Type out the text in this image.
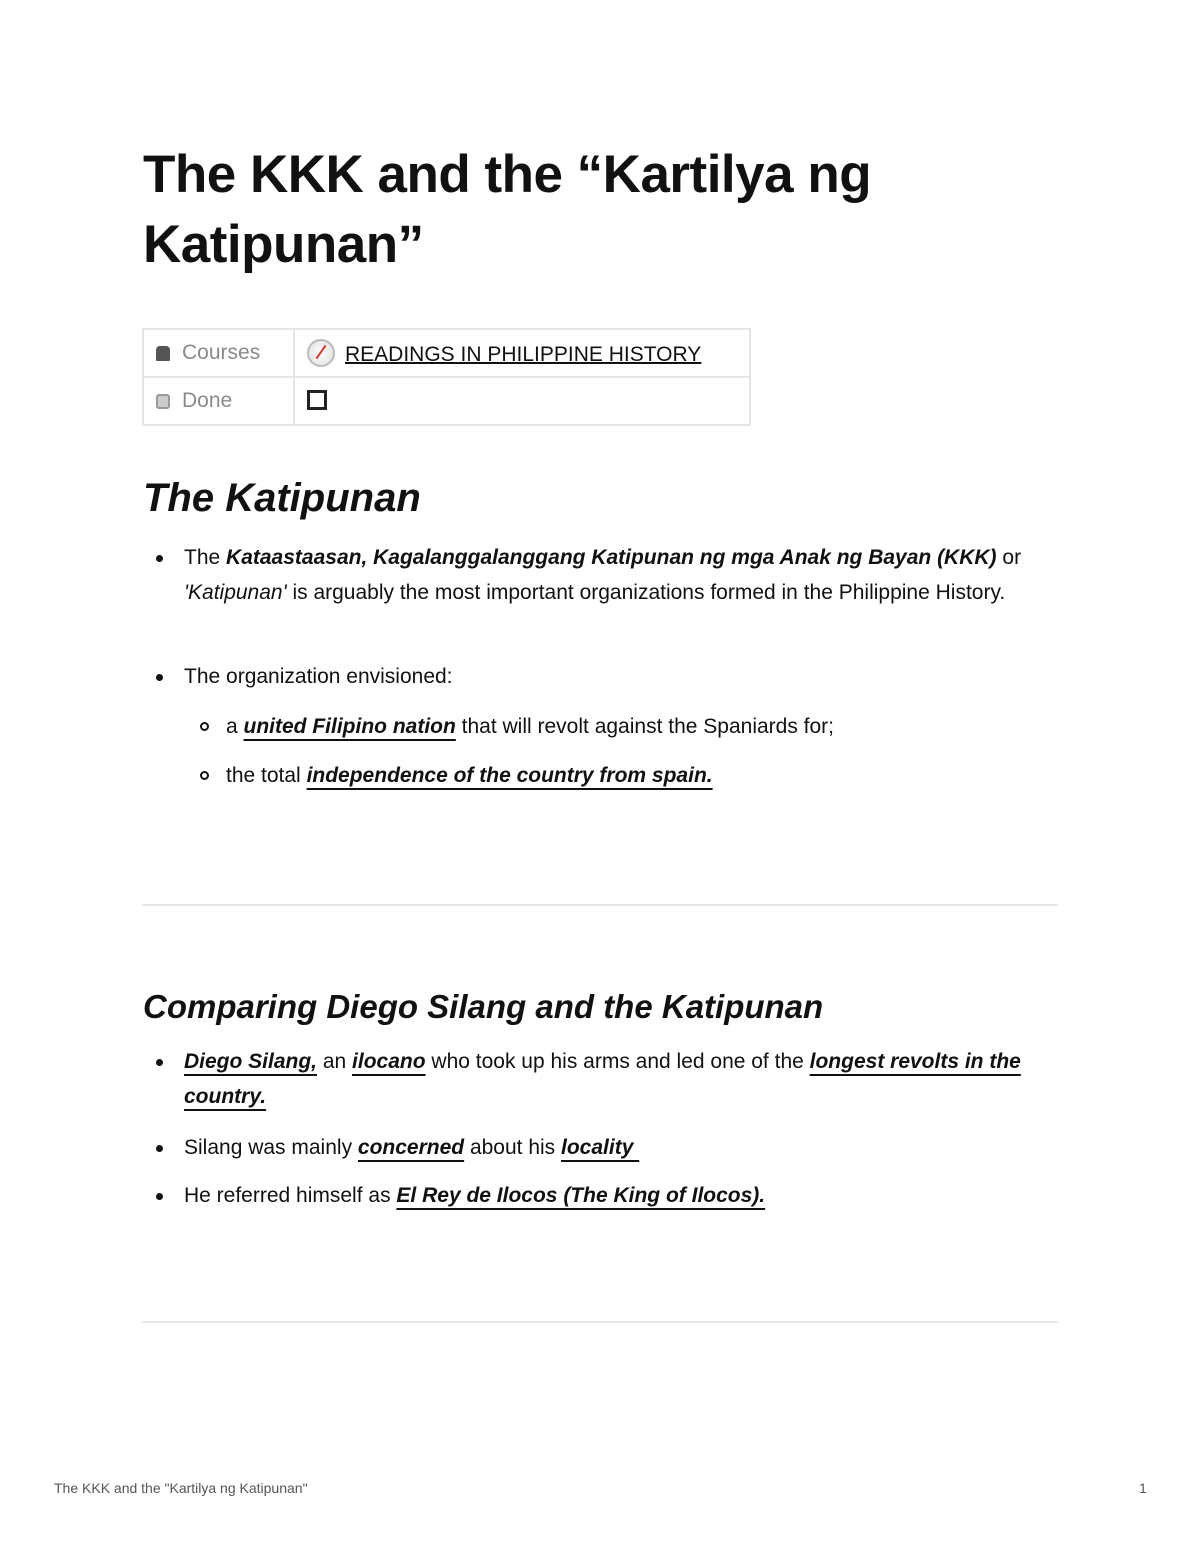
The KKK and the “Kartilya ng Katipunan”
Courses	READINGS IN PHILIPPINE HISTORY
Done	
The Katipunan
The Kataastaasan, Kagalanggalanggang Katipunan ng mga Anak ng Bayan (KKK) or 'Katipunan' is arguably the most important organizations formed in the Philippine History.
The organization envisioned:
a united Filipino nation that will revolt against the Spaniards for;
the total independence of the country from spain.
Comparing Diego Silang and the Katipunan
Diego Silang, an ilocano who took up his arms and led one of the longest revolts in the country.
Silang was mainly concerned about his locality
He referred himself as El Rey de Ilocos (The King of Ilocos).
The KKK and the "Kartilya ng Katipunan"	1
